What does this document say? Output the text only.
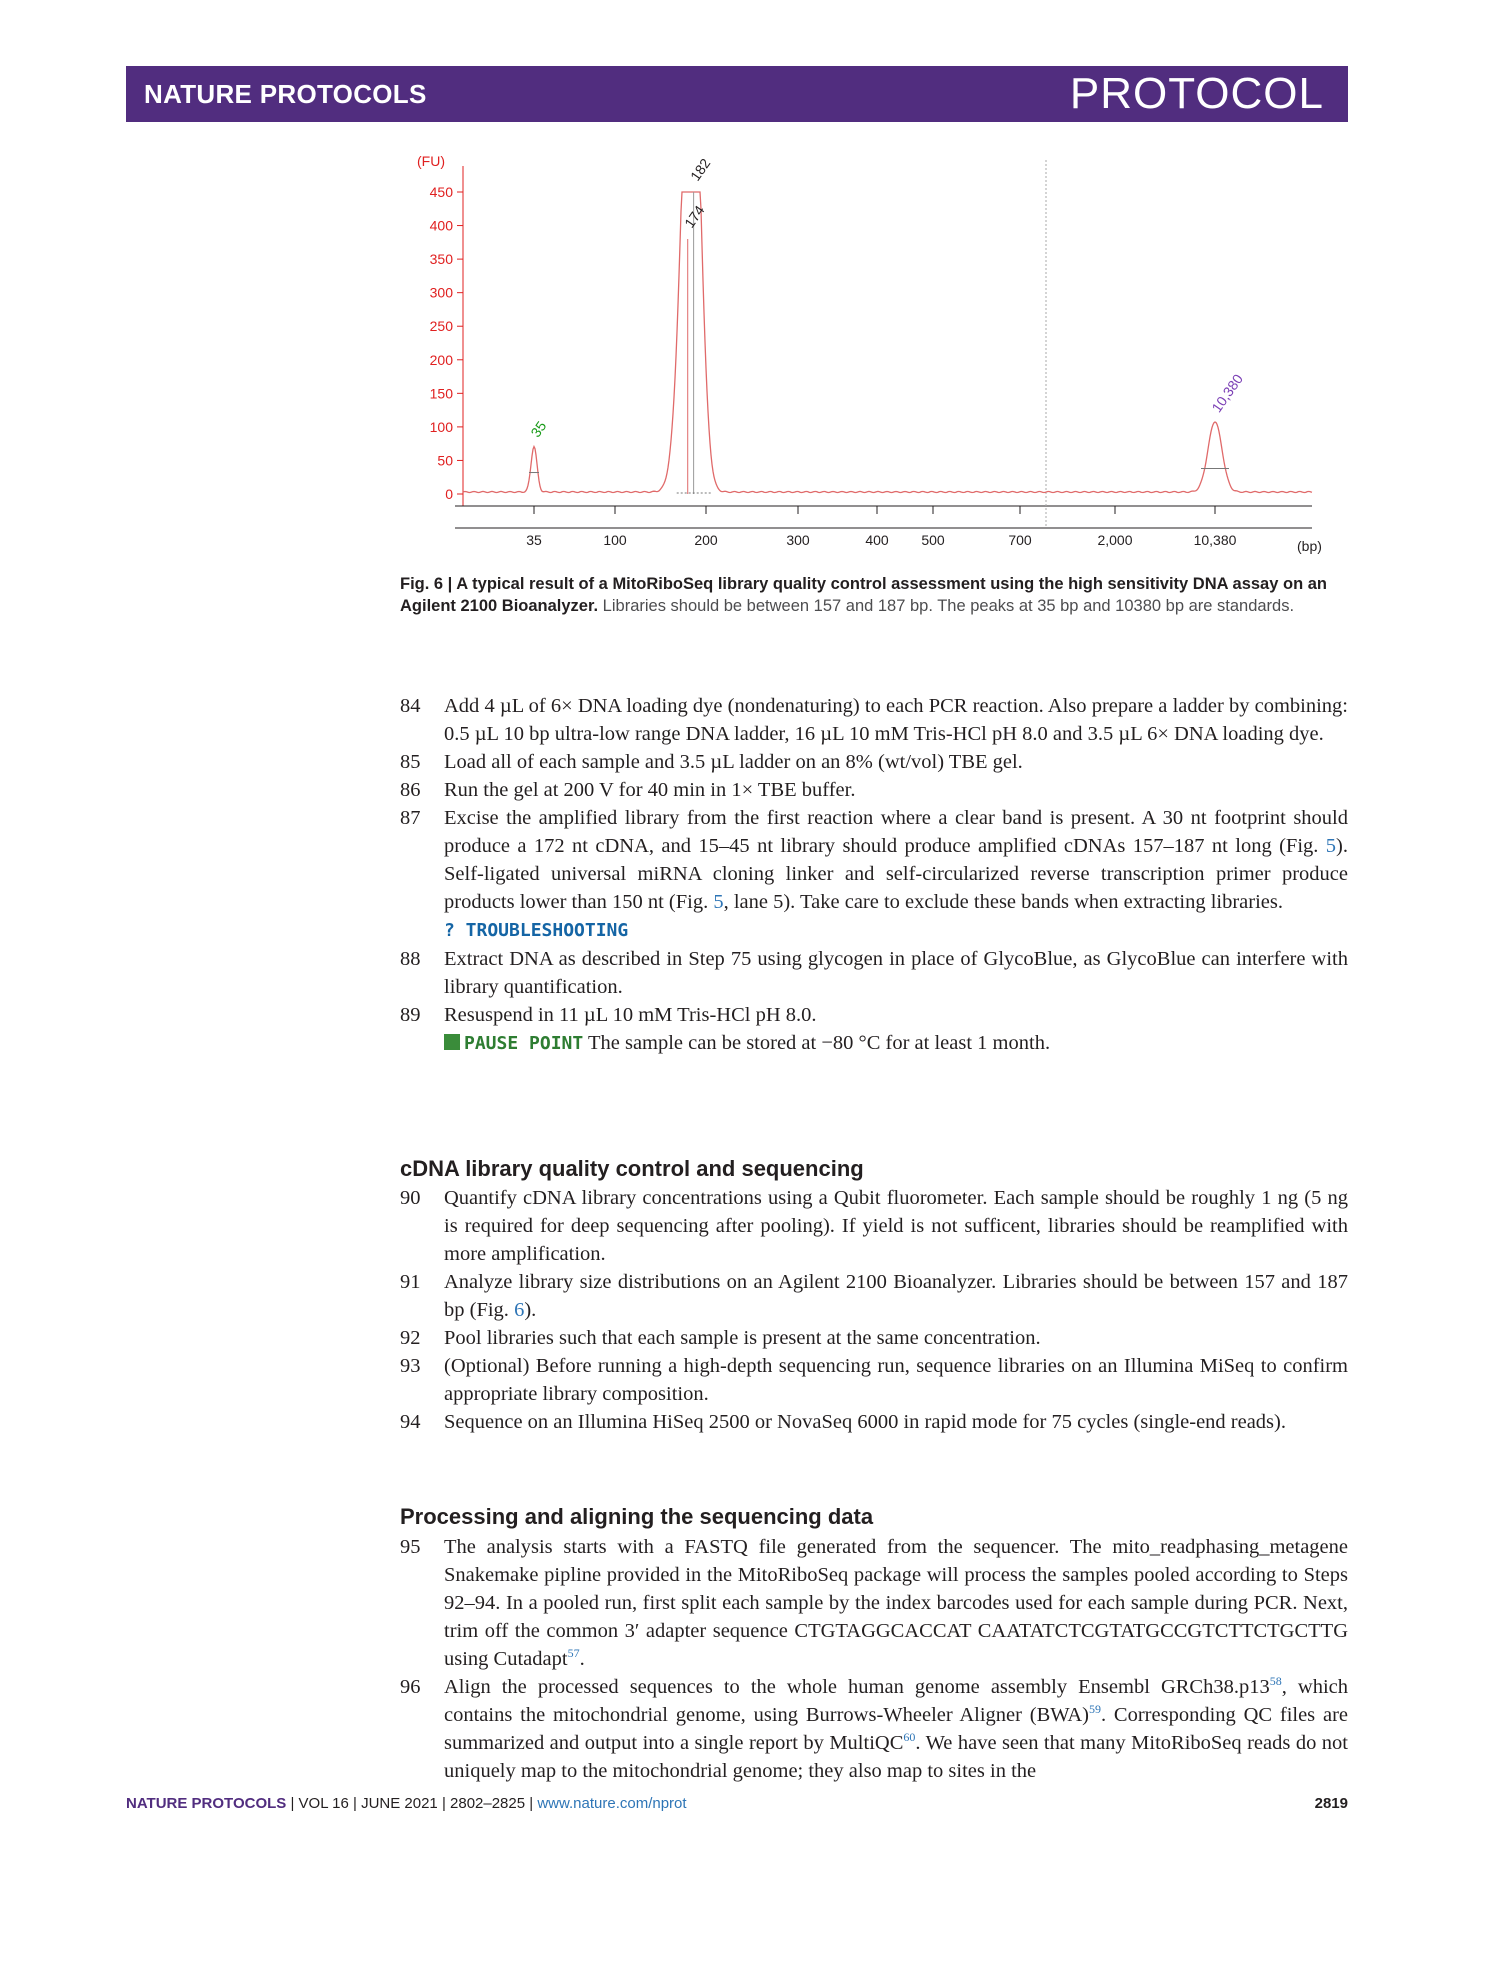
NATURE PROTOCOLS	PROTOCOL
0
50
100
150
200
250
300
350
400
450
35	100	200	300	400 500	700	2,000	10,380
35
174
182
10,380
(FU)
(bp)
Fig. 6 | A typical result of a MitoRiboSeq library quality control assessment using the high sensitivity DNA assay on an Agilent 2100 Bioanalyzer. Libraries should be between 157 and 187 bp. The peaks at 35 bp and 10380 bp are standards.
84 Add 4 µL of 6× DNA loading dye (nondenaturing) to each PCR reaction. Also prepare a ladder by combining: 0.5 µL 10 bp ultra-low range DNA ladder, 16 µL 10 mM Tris-HCl pH 8.0 and 3.5 µL 6× DNA loading dye.
85 Load all of each sample and 3.5 µL ladder on an 8% (wt/vol) TBE gel.
86 Run the gel at 200 V for 40 min in 1× TBE buffer.
87 Excise the amplified library from the first reaction where a clear band is present. A 30 nt footprint should produce a 172 nt cDNA, and 15–45 nt library should produce amplified cDNAs 157–187 nt long (Fig. 5). Self-ligated universal miRNA cloning linker and self-circularized reverse transcription primer produce products lower than 150 nt (Fig. 5, lane 5). Take care to exclude these bands when extracting libraries.
? TROUBLESHOOTING
88 Extract DNA as described in Step 75 using glycogen in place of GlycoBlue, as GlycoBlue can interfere with library quantification.
89 Resuspend in 11 µL 10 mM Tris-HCl pH 8.0.
PAUSE POINT The sample can be stored at −80 °C for at least 1 month.
cDNA library quality control and sequencing
90 Quantify cDNA library concentrations using a Qubit fluorometer. Each sample should be roughly 1 ng (5 ng is required for deep sequencing after pooling). If yield is not sufficent, libraries should be reamplified with more amplification.
91 Analyze library size distributions on an Agilent 2100 Bioanalyzer. Libraries should be between 157 and 187 bp (Fig. 6).
92 Pool libraries such that each sample is present at the same concentration.
93 (Optional) Before running a high-depth sequencing run, sequence libraries on an Illumina MiSeq to confirm appropriate library composition.
94 Sequence on an Illumina HiSeq 2500 or NovaSeq 6000 in rapid mode for 75 cycles (single-end reads).
Processing and aligning the sequencing data
95 The analysis starts with a FASTQ file generated from the sequencer. The mito_readphasing_metagene Snakemake pipline provided in the MitoRiboSeq package will process the samples pooled according to Steps 92–94. In a pooled run, first split each sample by the index barcodes used for each sample during PCR. Next, trim off the common 3′ adapter sequence CTGTAGGCACCAT CAATATCTCGTATGCCGTCTTCTGCTTG using Cutadapt$^{57}$.
96 Align the processed sequences to the whole human genome assembly Ensembl GRCh38.p13$^{58}$, which contains the mitochondrial genome, using Burrows-Wheeler Aligner (BWA)$^{59}$. Corresponding QC files are summarized and output into a single report by MultiQC$^{60}$. We have seen that many MitoRiboSeq reads do not uniquely map to the mitochondrial genome; they also map to sites in the
NATURE PROTOCOLS | VOL 16 | JUNE 2021 | 2802–2825 | www.nature.com/nprot	2819
